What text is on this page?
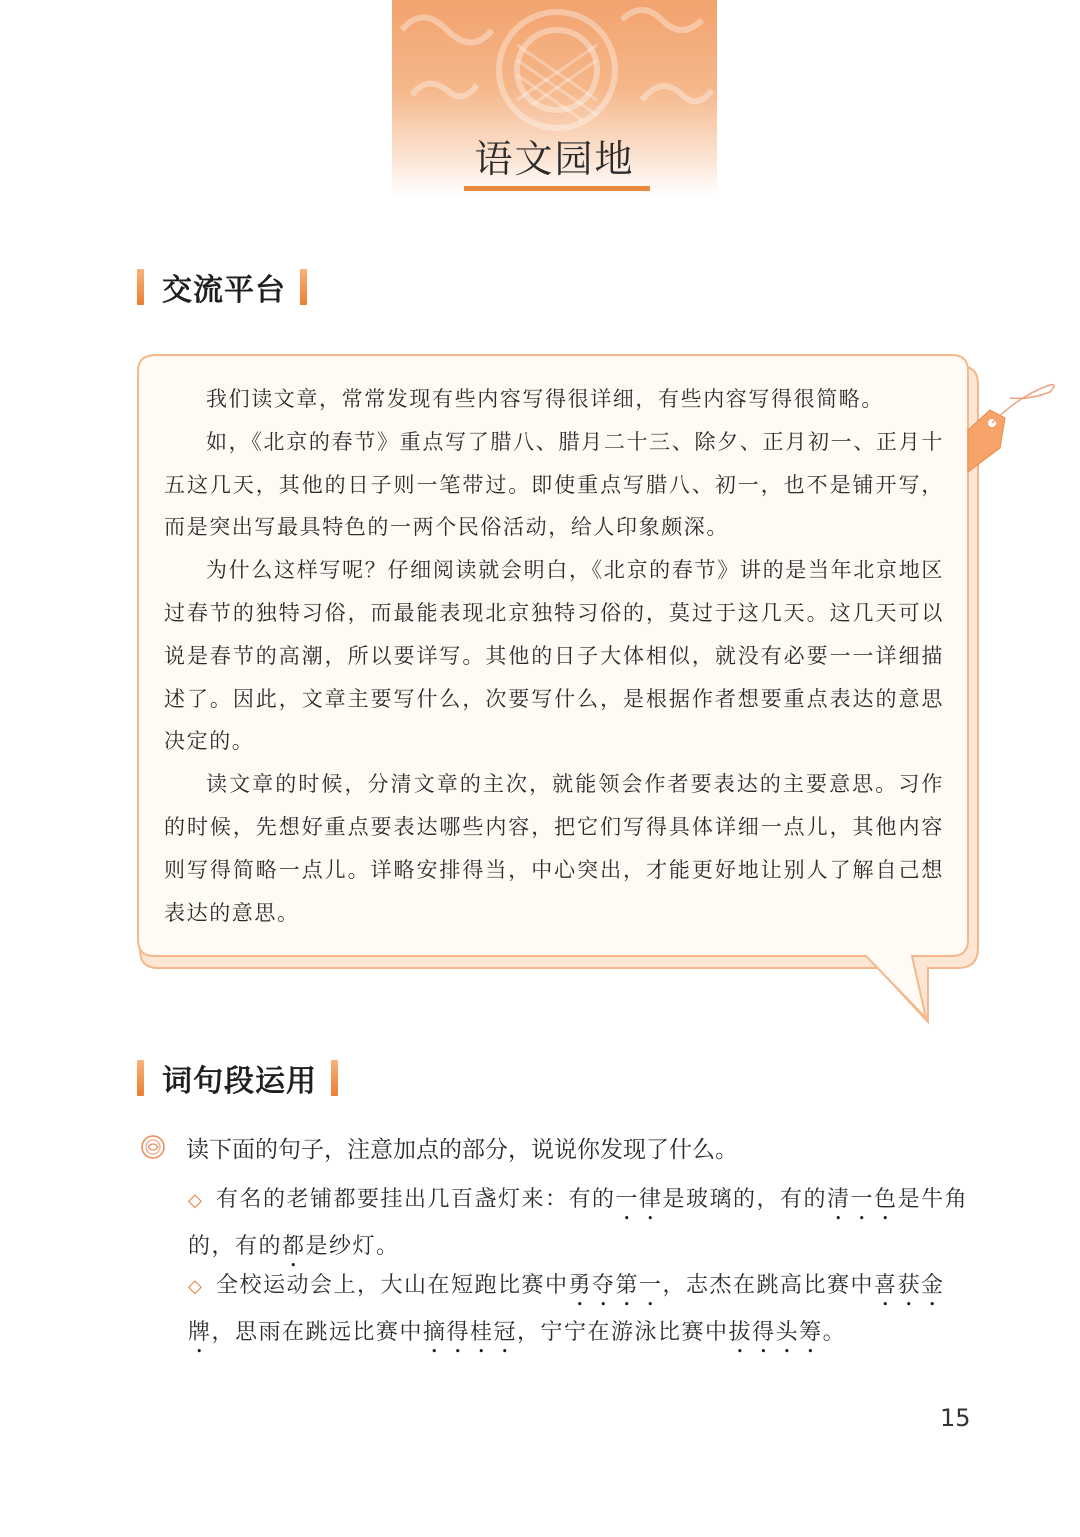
语文园地
交流平台

我们读文章，常常发现有些内容写得很详细，有些内容写得很简略。

如，《北京的春节》重点写了腊八、腊月二十三、除夕、正月初一、正月十五这几天，其他的日子则一笔带过。即使重点写腊八、初一，也不是铺开写，而是突出写最具特色的一两个民俗活动，给人印象颇深。

为什么这样写呢？仔细阅读就会明白，《北京的春节》讲的是当年北京地区过春节的独特习俗，而最能表现北京独特习俗的，莫过于这几天。这几天可以说是春节的高潮，所以要详写。其他的日子大体相似，就没有必要一一详细描述了。因此，文章主要写什么，次要写什么，是根据作者想要重点表达的意思决定的。

读文章的时候，分清文章的主次，就能领会作者要表达的主要意思。习作的时候，先想好重点要表达哪些内容，把它们写得具体详细一点儿，其他内容则写得简略一点儿。详略安排得当，中心突出，才能更好地让别人了解自己想表达的意思。

词句段运用
读下面的句子，注意加点的部分，说说你发现了什么。
◇ 有名的老铺都要挂出几百盏灯来：有的一律是玻璃的，有的清一色是牛角的，有的都是纱灯。
◇ 全校运动会上，大山在短跑比赛中勇夺第一，志杰在跳高比赛中喜获金牌，思雨在跳远比赛中摘得桂冠，宁宁在游泳比赛中拔得头筹。
15
